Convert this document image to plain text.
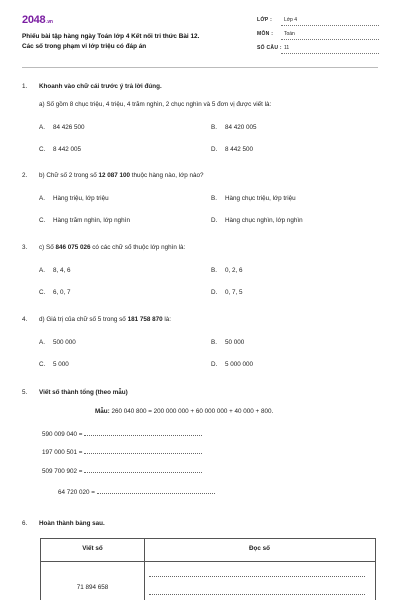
2048.vn
Phiếu bài tập hàng ngày Toán lớp 4 Kết nối tri thức Bài 12.
Các số trong phạm vi lớp triệu có đáp án
LỚP : Lớp 4
MÔN : Toán
SỐ CÂU : 11
1. Khoanh vào chữ cái trước ý trả lời đúng.
a) Số gồm 8 chục triệu, 4 triệu, 4 trăm nghìn, 2 chục nghìn và 5 đơn vị được viết là:
A. 84 426 500	B. 84 420 005
C. 8 442 005	D. 8 442 500
2. b) Chữ số 2 trong số 12 087 100 thuộc hàng nào, lớp nào?
A. Hàng triệu, lớp triệu	B. Hàng chục triệu, lớp triệu
C. Hàng trăm nghìn, lớp nghìn	D. Hàng chục nghìn, lớp nghìn
3. c) Số 846 075 026 có các chữ số thuộc lớp nghìn là:
A. 8, 4, 6	B. 0, 2, 6
C. 6, 0, 7	D. 0, 7, 5
4. d) Giá trị của chữ số 5 trong số 181 758 870 là:
A. 500 000	B. 50 000
C. 5 000	D. 5 000 000
5. Viết số thành tổng (theo mẫu)
Mẫu: 260 040 800 = 200 000 000 + 60 000 000 + 40 000 + 800.
590 009 040 =
197 000 501 =
509 700 902 =
64 720 020 =
6. Hoàn thành bảng sau.
Viết số	Đọc số
71 894 658
